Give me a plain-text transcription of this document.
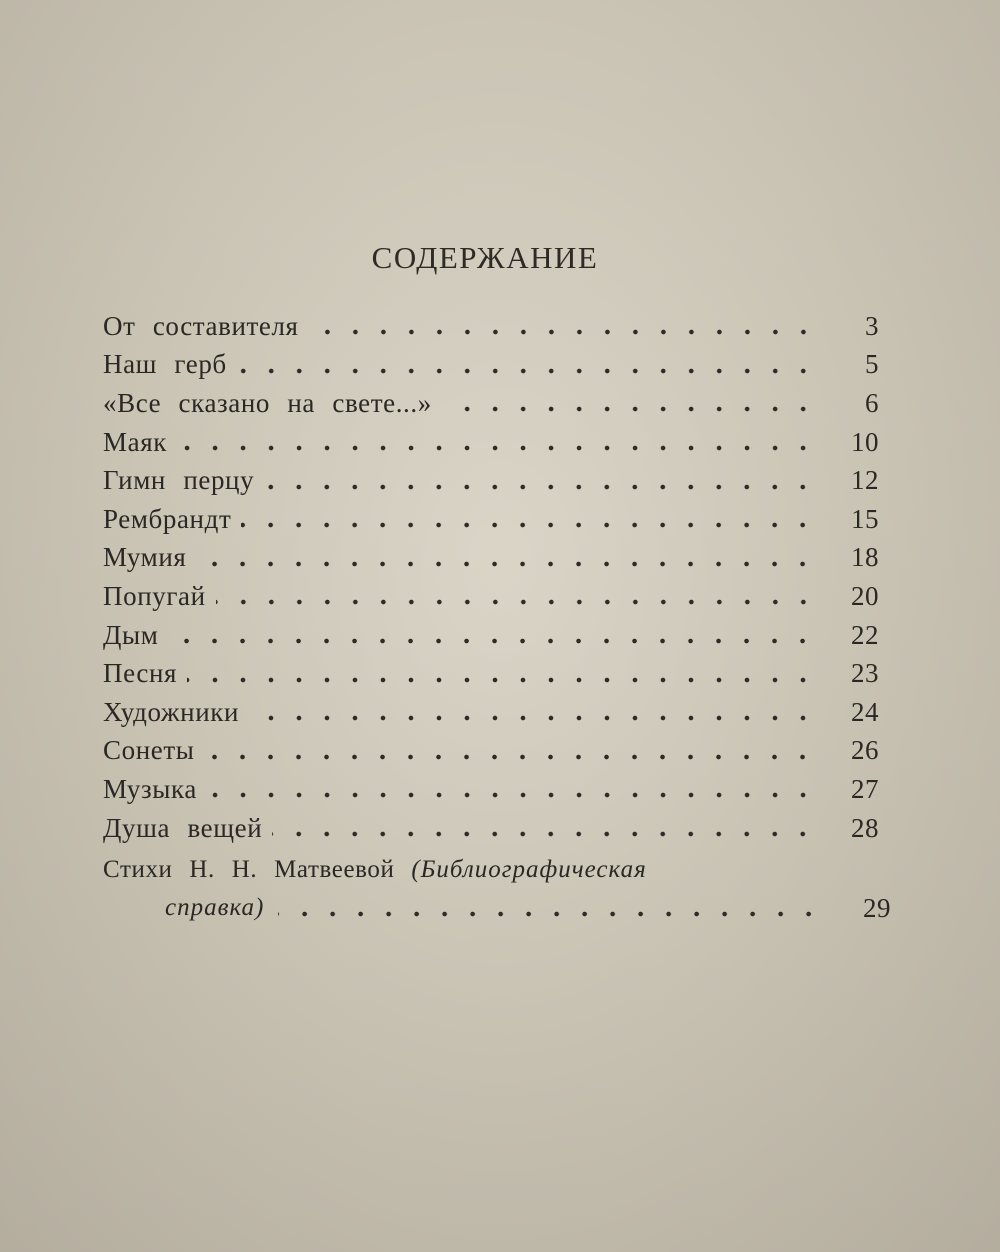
СОДЕРЖАНИЕ
От составителя	3
Наш герб	5
«Все сказано на свете...»	6
Маяк	10
Гимн перцу	12
Рембрандт	15
Мумия	18
Попугай	20
Дым	22
Песня	23
Художники	24
Сонеты	26
Музыка	27
Душа вещей	28
Стихи Н. Н. Матвеевой (Библиографическая
справка)	29
